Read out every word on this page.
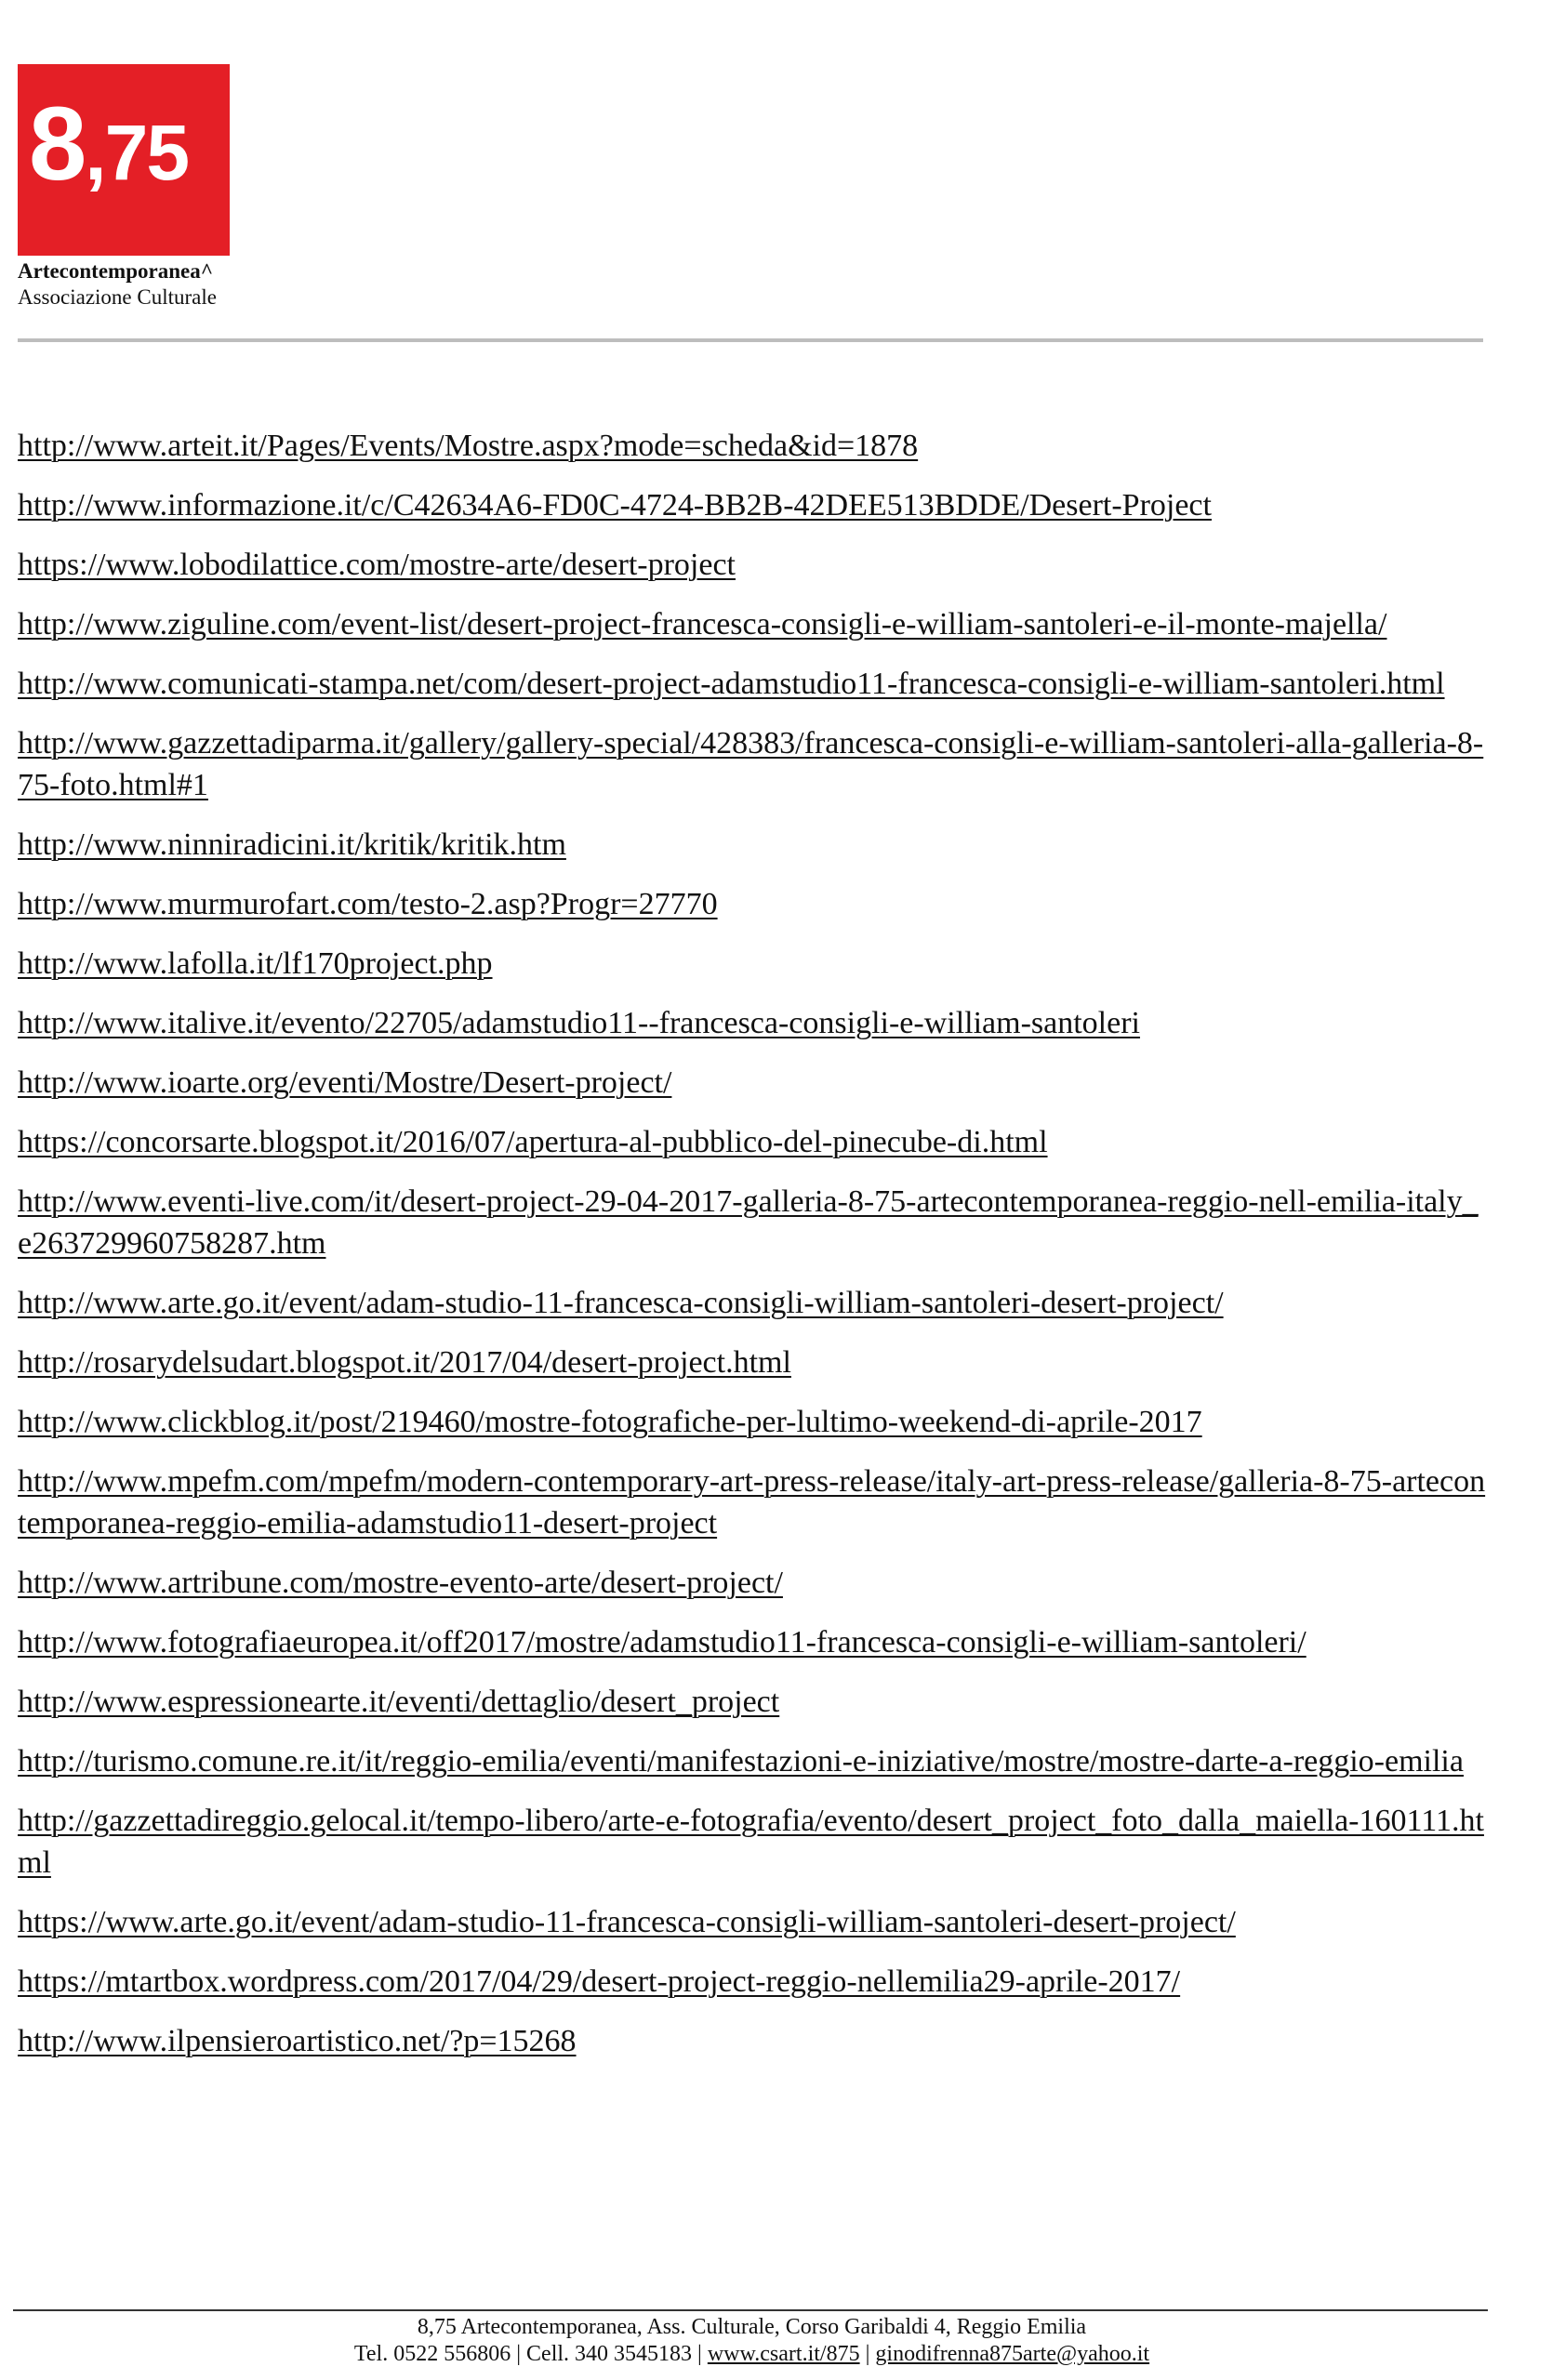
8,75
Artecontemporanea^
Associazione Culturale
http://www.arteit.it/Pages/Events/Mostre.aspx?mode=scheda&id=1878
http://www.informazione.it/c/C42634A6-FD0C-4724-BB2B-42DEE513BDDE/Desert-Project
https://www.lobodilattice.com/mostre-arte/desert-project
http://www.ziguline.com/event-list/desert-project-francesca-consigli-e-william-santoleri-e-il-monte-majella/
http://www.comunicati-stampa.net/com/desert-project-adamstudio11-francesca-consigli-e-william-santoleri.html
http://www.gazzettadiparma.it/gallery/gallery-special/428383/francesca-consigli-e-william-santoleri-alla-galleria-8-75-foto.html#1
http://www.ninniradicini.it/kritik/kritik.htm
http://www.murmurofart.com/testo-2.asp?Progr=27770
http://www.lafolla.it/lf170project.php
http://www.italive.it/evento/22705/adamstudio11--francesca-consigli-e-william-santoleri
http://www.ioarte.org/eventi/Mostre/Desert-project/
https://concorsarte.blogspot.it/2016/07/apertura-al-pubblico-del-pinecube-di.html
http://www.eventi-live.com/it/desert-project-29-04-2017-galleria-8-75-artecontemporanea-reggio-nell-emilia-italy_e263729960758287.htm
http://www.arte.go.it/event/adam-studio-11-francesca-consigli-william-santoleri-desert-project/
http://rosarydelsudart.blogspot.it/2017/04/desert-project.html
http://www.clickblog.it/post/219460/mostre-fotografiche-per-lultimo-weekend-di-aprile-2017
http://www.mpefm.com/mpefm/modern-contemporary-art-press-release/italy-art-press-release/galleria-8-75-artecontemporanea-reggio-emilia-adamstudio11-desert-project
http://www.artribune.com/mostre-evento-arte/desert-project/
http://www.fotografiaeuropea.it/off2017/mostre/adamstudio11-francesca-consigli-e-william-santoleri/
http://www.espressionearte.it/eventi/dettaglio/desert_project
http://turismo.comune.re.it/it/reggio-emilia/eventi/manifestazioni-e-iniziative/mostre/mostre-darte-a-reggio-emilia
http://gazzettadireggio.gelocal.it/tempo-libero/arte-e-fotografia/evento/desert_project_foto_dalla_maiella-160111.html
https://www.arte.go.it/event/adam-studio-11-francesca-consigli-william-santoleri-desert-project/
https://mtartbox.wordpress.com/2017/04/29/desert-project-reggio-nellemilia29-aprile-2017/
http://www.ilpensieroartistico.net/?p=15268
8,75 Artecontemporanea, Ass. Culturale, Corso Garibaldi 4, Reggio Emilia
Tel. 0522 556806 | Cell. 340 3545183 | www.csart.it/875 | ginodifrenna875arte@yahoo.it
